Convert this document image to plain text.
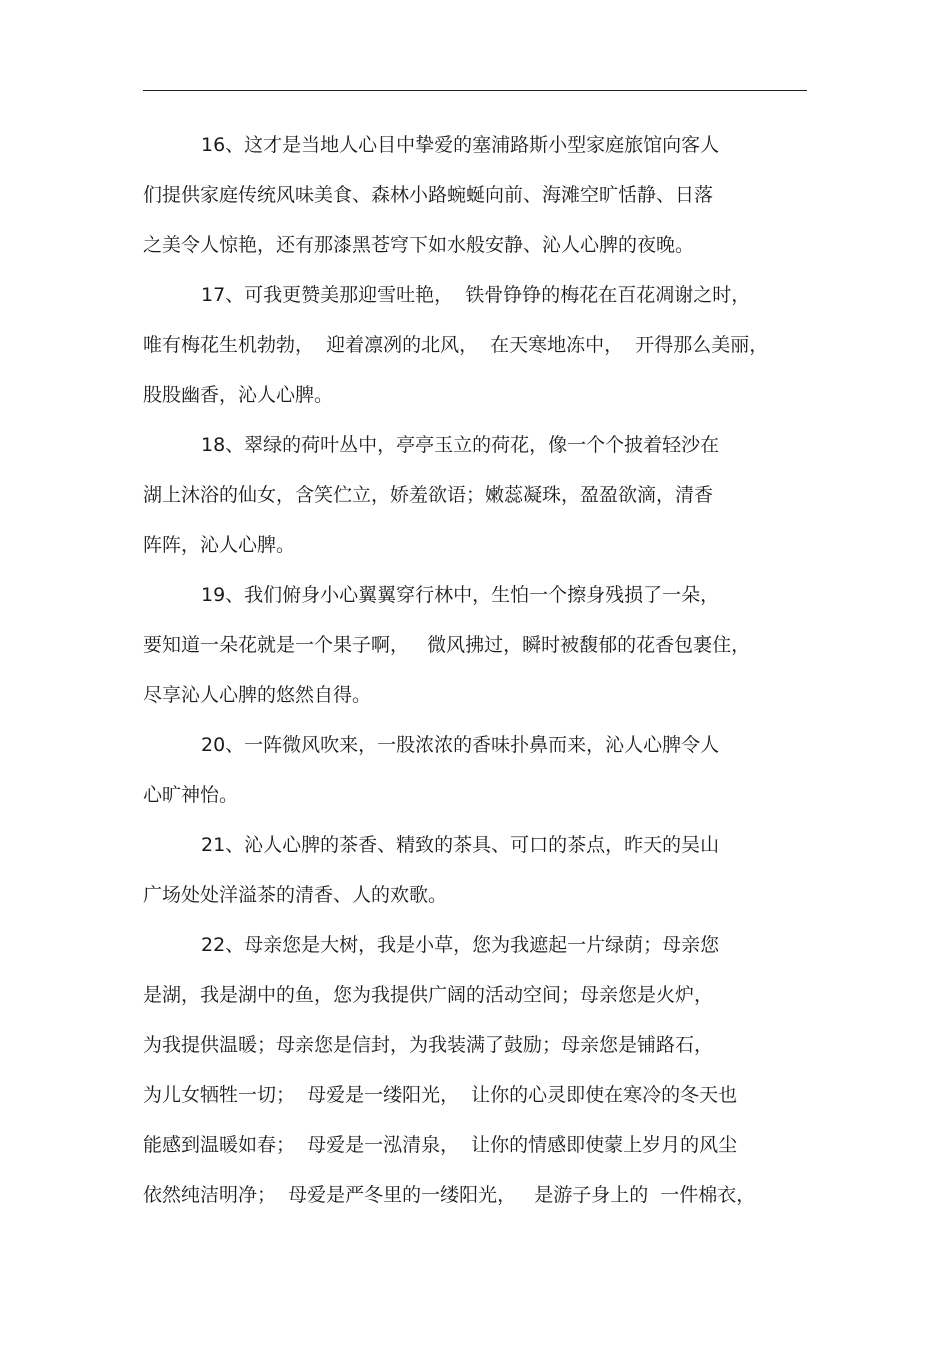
16、这才是当地人心目中挚爱的塞浦路斯小型家庭旅馆向客人
们提供家庭传统风味美食、森林小路蜿蜒向前、海滩空旷恬静、日落
之美令人惊艳，还有那漆黑苍穹下如水般安静、沁人心脾的夜晚。
17、可我更赞美那迎雪吐艳，  铁骨铮铮的梅花在百花凋谢之时，
唯有梅花生机勃勃，  迎着凛冽的北风，  在天寒地冻中，  开得那么美丽，
股股幽香，沁人心脾。
18、翠绿的荷叶丛中，亭亭玉立的荷花，像一个个披着轻沙在
湖上沐浴的仙女，含笑伫立，娇羞欲语；嫩蕊凝珠，盈盈欲滴，清香
阵阵，沁人心脾。
19、我们俯身小心翼翼穿行林中，生怕一个擦身残损了一朵，
要知道一朵花就是一个果子啊，   微风拂过，瞬时被馥郁的花香包裹住，
尽享沁人心脾的悠然自得。
20、一阵微风吹来，一股浓浓的香味扑鼻而来，沁人心脾令人
心旷神怡。
21、沁人心脾的茶香、精致的茶具、可口的茶点，昨天的吴山
广场处处洋溢茶的清香、人的欢歌。
22、母亲您是大树，我是小草，您为我遮起一片绿荫；母亲您
是湖，我是湖中的鱼，您为我提供广阔的活动空间；母亲您是火炉，
为我提供温暖；母亲您是信封，为我装满了鼓励；母亲您是铺路石，
为儿女牺牲一切；  母爱是一缕阳光，  让你的心灵即使在寒冷的冬天也
能感到温暖如春；  母爱是一泓清泉，  让你的情感即使蒙上岁月的风尘
依然纯洁明净；  母爱是严冬里的一缕阳光，   是游子身上的  一件棉衣，
